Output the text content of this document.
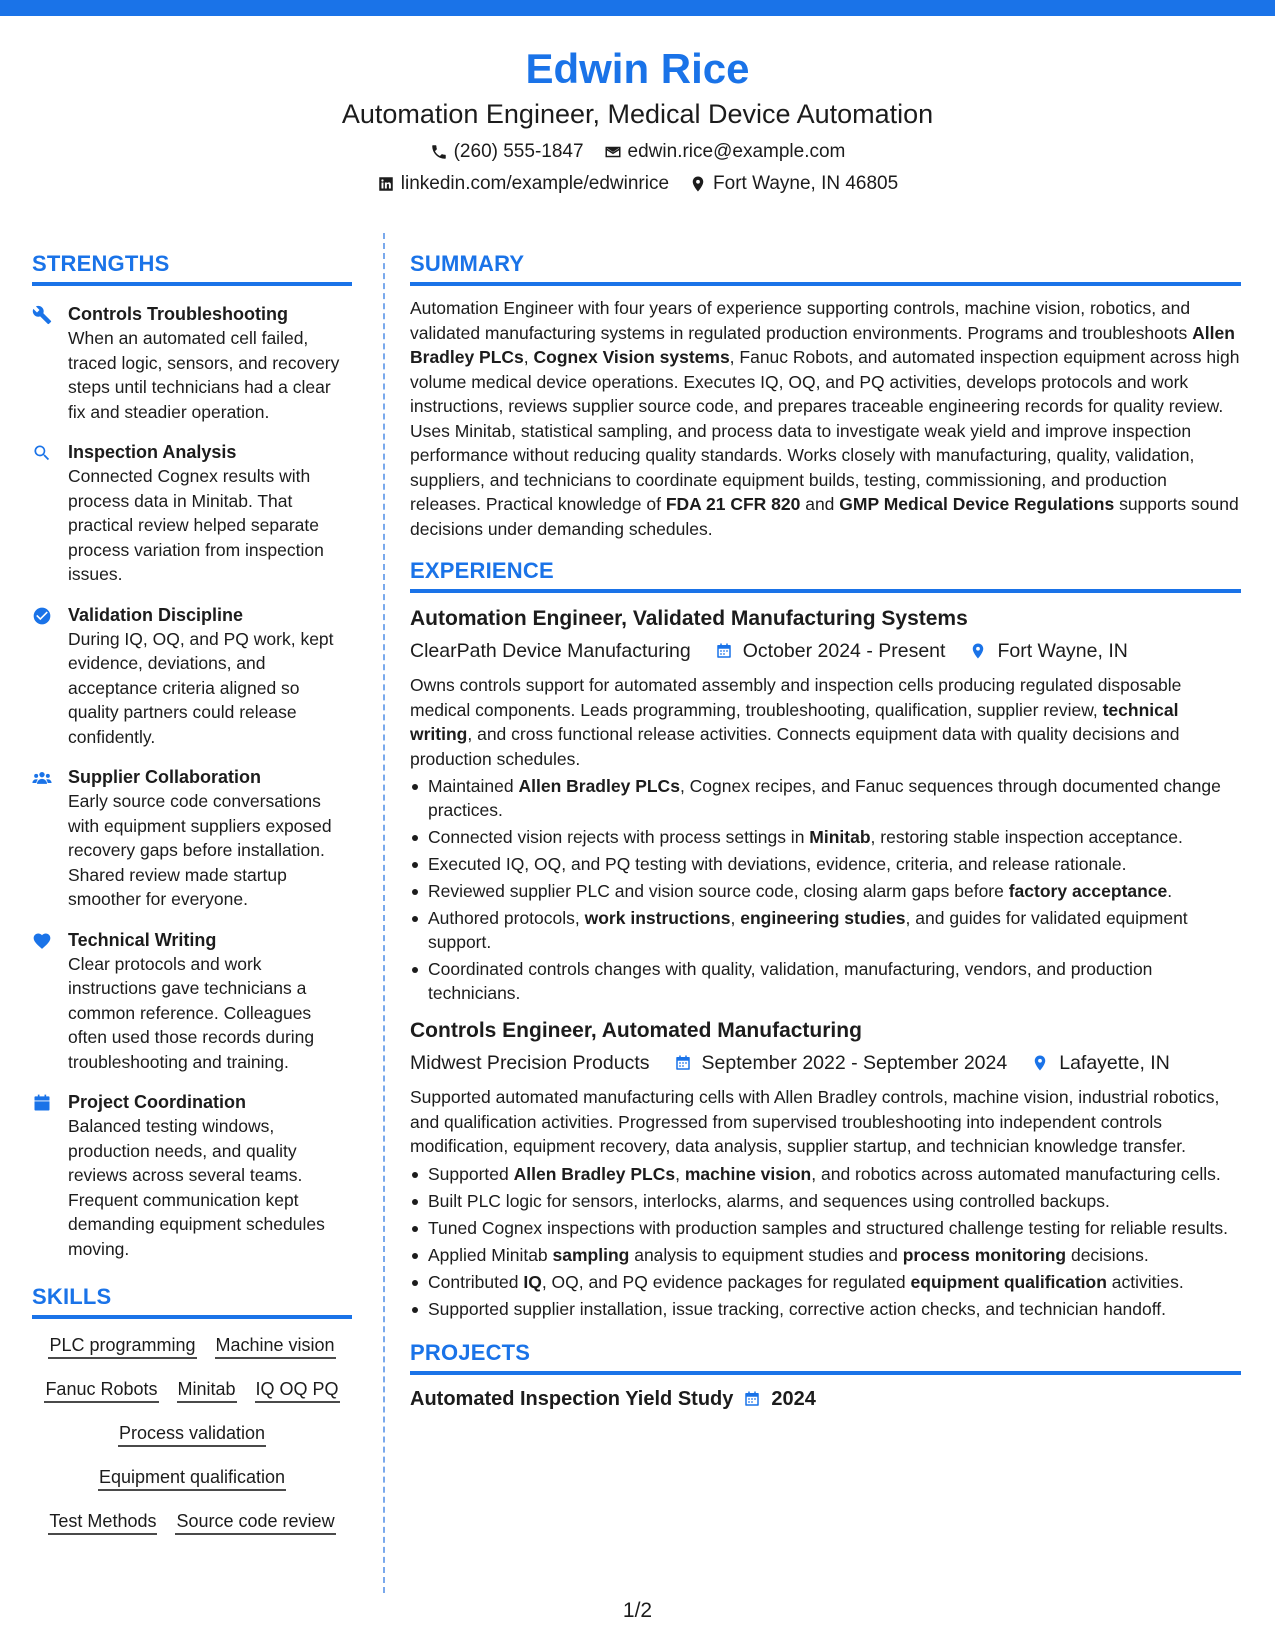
Edwin Rice
Automation Engineer, Medical Device Automation
(260) 555-1847 edwin.rice@example.com
linkedin.com/example/edwinrice Fort Wayne, IN 46805
STRENGTHS
Controls Troubleshooting
When an automated cell failed, traced logic, sensors, and recovery steps until technicians had a clear fix and steadier operation.
Inspection Analysis
Connected Cognex results with process data in Minitab. That practical review helped separate process variation from inspection issues.
Validation Discipline
During IQ, OQ, and PQ work, kept evidence, deviations, and acceptance criteria aligned so quality partners could release confidently.
Supplier Collaboration
Early source code conversations with equipment suppliers exposed recovery gaps before installation. Shared review made startup smoother for everyone.
Technical Writing
Clear protocols and work instructions gave technicians a common reference. Colleagues often used those records during troubleshooting and training.
Project Coordination
Balanced testing windows, production needs, and quality reviews across several teams. Frequent communication kept demanding equipment schedules moving.
SKILLS
PLC programming Machine vision
Fanuc Robots Minitab IQ OQ PQ
Process validation
Equipment qualification
Test Methods Source code review
SUMMARY
Automation Engineer with four years of experience supporting controls, machine vision, robotics, and validated manufacturing systems in regulated production environments. Programs and troubleshoots Allen Bradley PLCs, Cognex Vision systems, Fanuc Robots, and automated inspection equipment across high volume medical device operations. Executes IQ, OQ, and PQ activities, develops protocols and work instructions, reviews supplier source code, and prepares traceable engineering records for quality review. Uses Minitab, statistical sampling, and process data to investigate weak yield and improve inspection performance without reducing quality standards. Works closely with manufacturing, quality, validation, suppliers, and technicians to coordinate equipment builds, testing, commissioning, and production releases. Practical knowledge of FDA 21 CFR 820 and GMP Medical Device Regulations supports sound decisions under demanding schedules.
EXPERIENCE
Automation Engineer, Validated Manufacturing Systems
ClearPath Device Manufacturing	October 2024 - Present	Fort Wayne, IN
Owns controls support for automated assembly and inspection cells producing regulated disposable medical components. Leads programming, troubleshooting, qualification, supplier review, technical writing, and cross functional release activities. Connects equipment data with quality decisions and production schedules.
Maintained Allen Bradley PLCs, Cognex recipes, and Fanuc sequences through documented change practices.
Connected vision rejects with process settings in Minitab, restoring stable inspection acceptance.
Executed IQ, OQ, and PQ testing with deviations, evidence, criteria, and release rationale.
Reviewed supplier PLC and vision source code, closing alarm gaps before factory acceptance.
Authored protocols, work instructions, engineering studies, and guides for validated equipment support.
Coordinated controls changes with quality, validation, manufacturing, vendors, and production technicians.
Controls Engineer, Automated Manufacturing
Midwest Precision Products	September 2022 - September 2024	Lafayette, IN
Supported automated manufacturing cells with Allen Bradley controls, machine vision, industrial robotics, and qualification activities. Progressed from supervised troubleshooting into independent controls modification, equipment recovery, data analysis, supplier startup, and technician knowledge transfer.
Supported Allen Bradley PLCs, machine vision, and robotics across automated manufacturing cells.
Built PLC logic for sensors, interlocks, alarms, and sequences using controlled backups.
Tuned Cognex inspections with production samples and structured challenge testing for reliable results.
Applied Minitab sampling analysis to equipment studies and process monitoring decisions.
Contributed IQ, OQ, and PQ evidence packages for regulated equipment qualification activities.
Supported supplier installation, issue tracking, corrective action checks, and technician handoff.
PROJECTS
Automated Inspection Yield Study 2024
1/2
